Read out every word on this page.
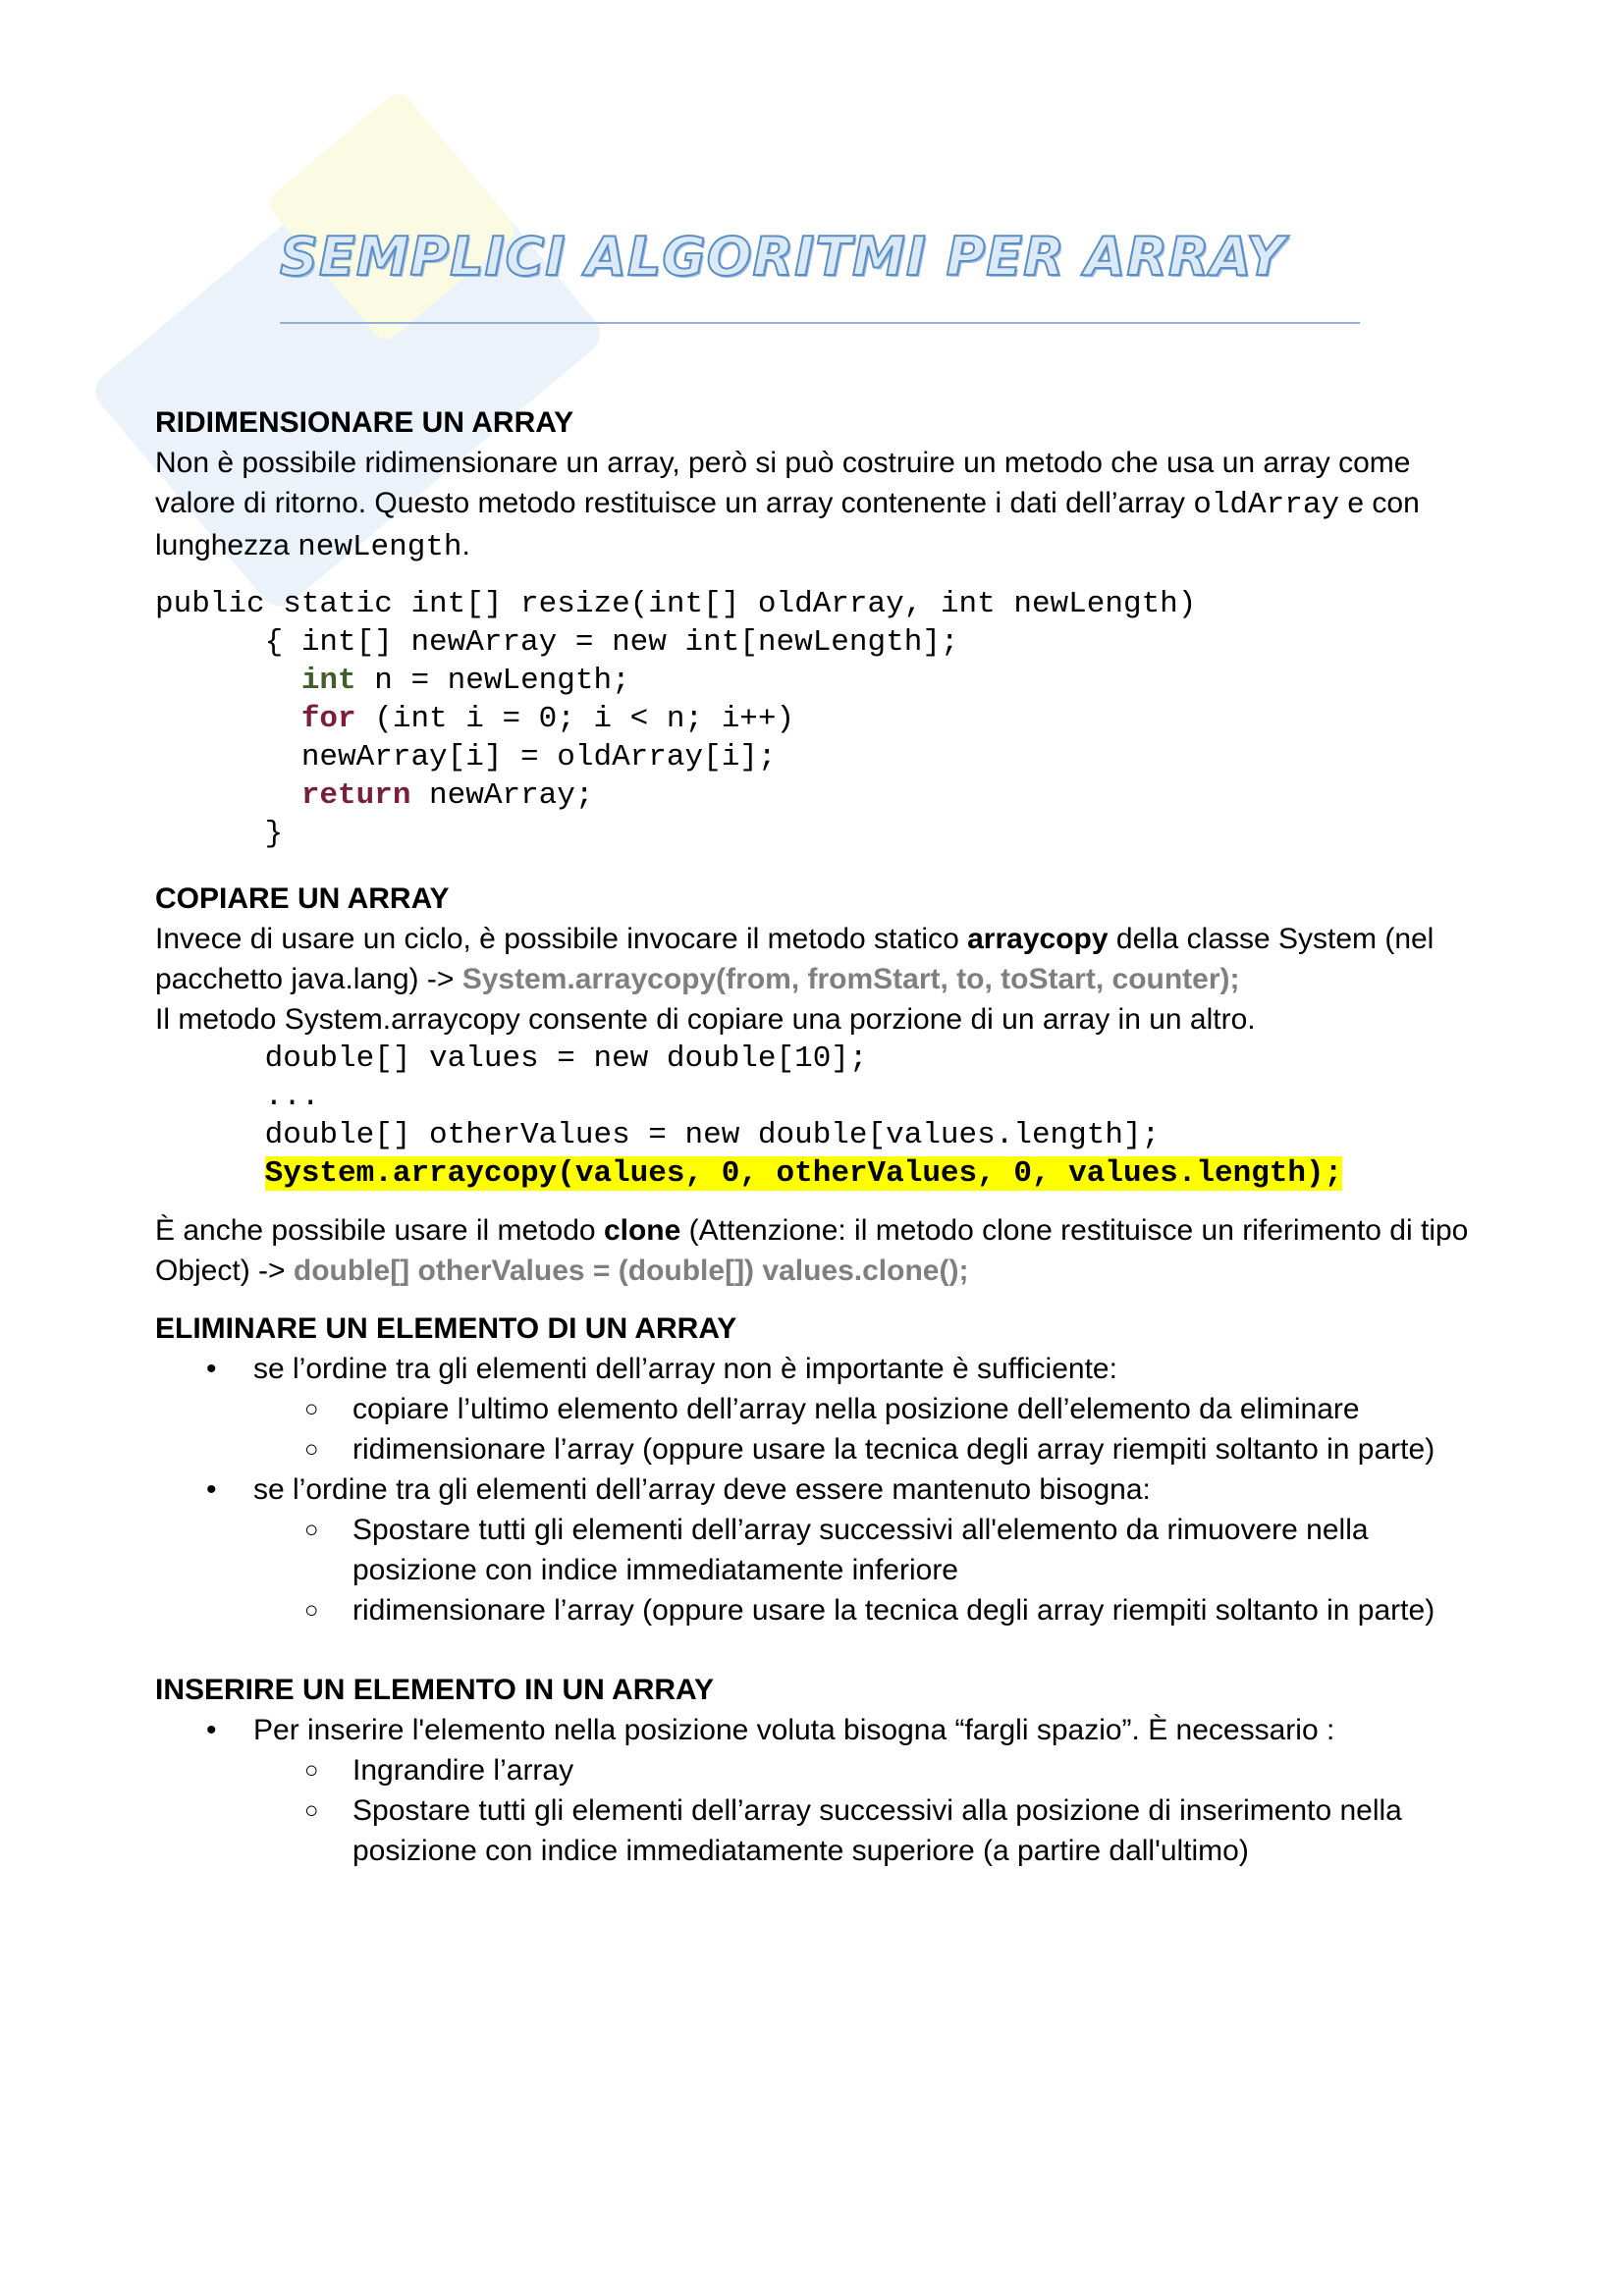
SEMPLICI ALGORITMI PER ARRAY

RIDIMENSIONARE UN ARRAY

Non è possibile ridimensionare un array, però si può costruire un metodo che usa un array come valore di ritorno. Questo metodo restituisce un array contenente i dati dell’array oldArray e con lunghezza newLength.

public static int[] resize(int[] oldArray, int newLength)
{ int[] newArray = new int[newLength];
int n = newLength;
for (int i = 0; i < n; i++)
newArray[i] = oldArray[i];
return newArray;
}

COPIARE UN ARRAY

Invece di usare un ciclo, è possibile invocare il metodo statico arraycopy della classe System (nel pacchetto java.lang) -> System.arraycopy(from, fromStart, to, toStart, counter);

Il metodo System.arraycopy consente di copiare una porzione di un array in un altro.

double[] values = new double[10];
...
double[] otherValues = new double[values.length];
System.arraycopy(values, 0, otherValues, 0, values.length);

È anche possibile usare il metodo clone (Attenzione: il metodo clone restituisce un riferimento di tipo Object) -> double[] otherValues = (double[]) values.clone();

ELIMINARE UN ELEMENTO DI UN ARRAY

• se l’ordine tra gli elementi dell’array non è importante è sufficiente:
○ copiare l’ultimo elemento dell’array nella posizione dell’elemento da eliminare
○ ridimensionare l’array (oppure usare la tecnica degli array riempiti soltanto in parte)
• se l’ordine tra gli elementi dell’array deve essere mantenuto bisogna:
○ Spostare tutti gli elementi dell’array successivi all'elemento da rimuovere nella posizione con indice immediatamente inferiore
○ ridimensionare l’array (oppure usare la tecnica degli array riempiti soltanto in parte)

INSERIRE UN ELEMENTO IN UN ARRAY

• Per inserire l'elemento nella posizione voluta bisogna “fargli spazio”. È necessario :
○ Ingrandire l’array
○ Spostare tutti gli elementi dell’array successivi alla posizione di inserimento nella posizione con indice immediatamente superiore (a partire dall'ultimo)
